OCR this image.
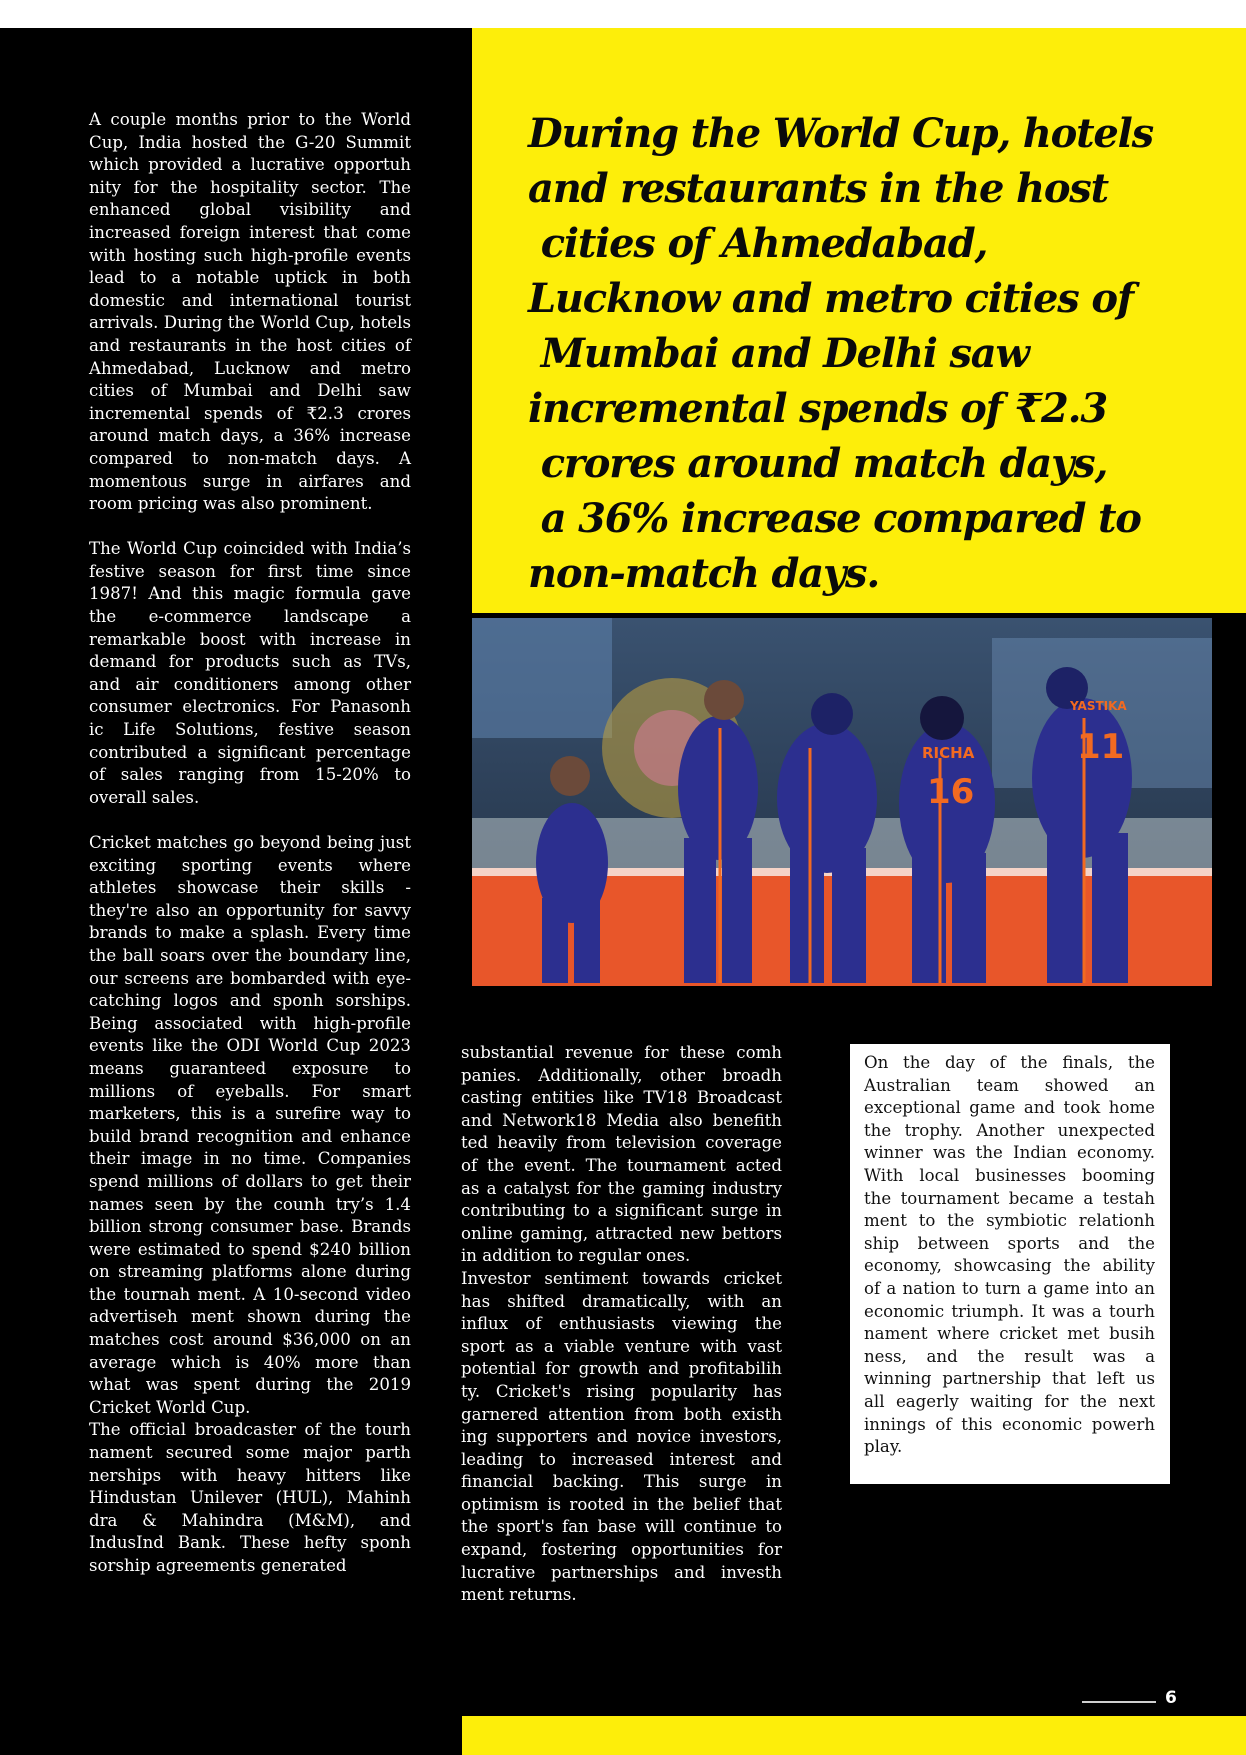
During the World Cup, hotels
and restaurants in the host
cities of Ahmedabad,
Lucknow and metro cities of
Mumbai and Delhi saw
incremental spends of ₹2.3
crores around match days,
a 36% increase compared to
non-match days.

A couple months prior to the World Cup, India hosted the G-20 Summit which provided a lucrative opportuh nity for the hospitality sector. The enhanced global visibility and increased foreign interest that come with hosting such high-profile events lead to a notable uptick in both domestic and international tourist arrivals. During the World Cup, hotels and restaurants in the host cities of Ahmedabad, Lucknow and metro cities of Mumbai and Delhi saw incremental spends of ₹2.3 crores around match days, a 36% increase compared to non-match days. A momentous surge in airfares and room pricing was also prominent.

The World Cup coincided with India’s festive season for first time since 1987! And this magic formula gave the e-commerce landscape a remarkable boost with increase in demand for products such as TVs, and air conditioners among other consumer electronics. For Panasonh ic Life Solutions, festive season contributed a significant percentage of sales ranging from 15-20% to overall sales.

Cricket matches go beyond being just exciting sporting events where athletes showcase their skills - they're also an opportunity for savvy brands to make a splash. Every time the ball soars over the boundary line, our screens are bombarded with eye-catching logos and sponh sorships. Being associated with high-profile events like the ODI World Cup 2023 means guaranteed exposure to millions of eyeballs. For smart marketers, this is a surefire way to build brand recognition and enhance their image in no time. Companies spend millions of dollars to get their names seen by the counh try’s 1.4 billion strong consumer base. Brands were estimated to spend $240 billion on streaming platforms alone during the tournah ment. A 10-second video advertiseh ment shown during the matches cost around $36,000 on an average which is 40% more than what was spent during the 2019 Cricket World Cup.

The official broadcaster of the tourh nament secured some major parth nerships with heavy hitters like Hindustan Unilever (HUL), Mahinh dra & Mahindra (M&M), and IndusInd Bank. These hefty sponh sorship agreements generated

substantial revenue for these comh panies. Additionally, other broadh casting entities like TV18 Broadcast and Network18 Media also benefith ted heavily from television coverage of the event. The tournament acted as a catalyst for the gaming industry contributing to a significant surge in online gaming, attracted new bettors in addition to regular ones.

Investor sentiment towards cricket has shifted dramatically, with an influx of enthusiasts viewing the sport as a viable venture with vast potential for growth and profitabilih ty. Cricket's rising popularity has garnered attention from both existh ing supporters and novice investors, leading to increased interest and financial backing. This surge in optimism is rooted in the belief that the sport's fan base will continue to expand, fostering opportunities for lucrative partnerships and investh ment returns.

On the day of the finals, the Australian team showed an exceptional game and took home the trophy. Another unexpected winner was the Indian economy. With local businesses booming the tournament became a testah ment to the symbiotic relationh ship between sports and the economy, showcasing the ability of a nation to turn a game into an economic triumph. It was a tourh nament where cricket met busih ness, and the result was a winning partnership that left us all eagerly waiting for the next innings of this economic powerh play.

RICHA
16
YASTIKA
11
6
